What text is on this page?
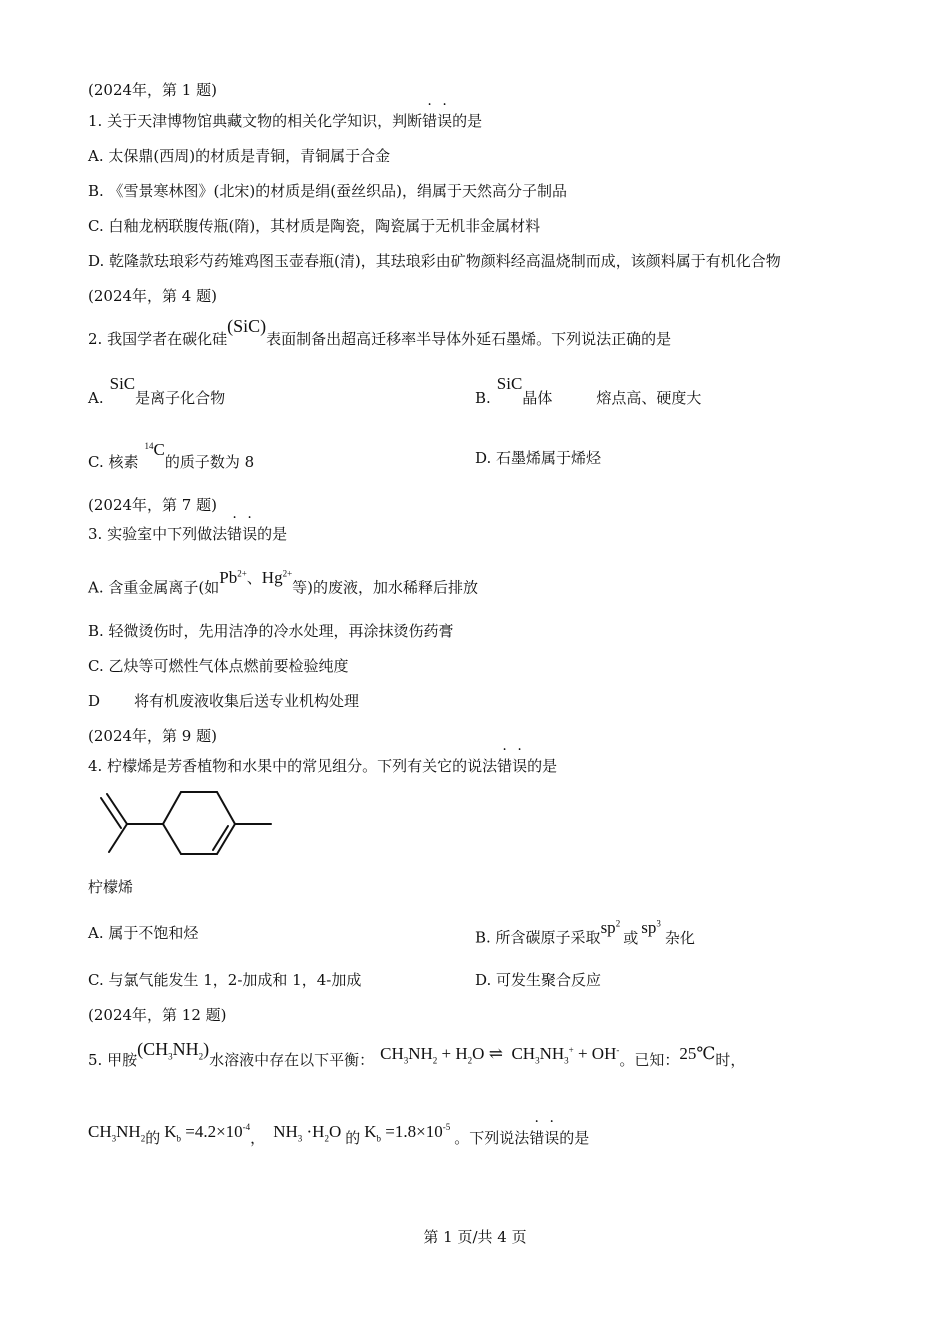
(2024年，第 1 题)
1. 关于天津博物馆典藏文物的相关化学知识，判断错误的是
A. 太保鼎(西周)的材质是青铜，青铜属于合金
B. 《雪景寒林图》(北宋)的材质是绢(蚕丝织品)，绢属于天然高分子制品
C. 白釉龙柄联腹传瓶(隋)，其材质是陶瓷，陶瓷属于无机非金属材料
D. 乾隆款珐琅彩芍药雉鸡图玉壶春瓶(清)，其珐琅彩由矿物颜料经高温烧制而成，该颜料属于有机化合物
(2024年，第 4 题)
2. 我国学者在碳化硅(SiC)表面制备出超高迁移率半导体外延石墨烯。下列说法正确的是
A.SiC是离子化合物	B.SiC晶体	熔点高、硬度大
C. 核素$^{14}$C的质子数为 8	D. 石墨烯属于烯烃
(2024年，第 7 题)
3. 实验室中下列做法错误的是
A. 含重金属离子(如$Pb^{2+}$、$Hg^{2+}$等)的废液，加水稀释后排放
B. 轻微烫伤时，先用洁净的冷水处理，再涂抹烫伤药膏
C. 乙炔等可燃性气体点燃前要检验纯度
D 将有机废液收集后送专业机构处理
(2024年，第 9 题)
4. 柠檬烯是芳香植物和水果中的常见组分。下列有关它的说法错误的是
柠檬烯
A. 属于不饱和烃	B. 所含碳原子采取$sp^2$或$sp^3$杂化
C. 与氯气能发生 1，2-加成和 1，4-加成	D. 可发生聚合反应
(2024年，第 12 题)
5. 甲胺$(CH_3NH_2)$水溶液中存在以下平衡： $CH_3NH_2 + H_2O$ ⇌  $CH_3NH_3^+ + OH^-$。已知：25℃时，
$CH_3NH_2$的 $K_b =4.2\times 10^{-4}$， $NH_3 \cdot H_2O$ 的 $K_b =1.8\times 10^{-5}$。下列说法错误的是
第 1 页/共 4 页
